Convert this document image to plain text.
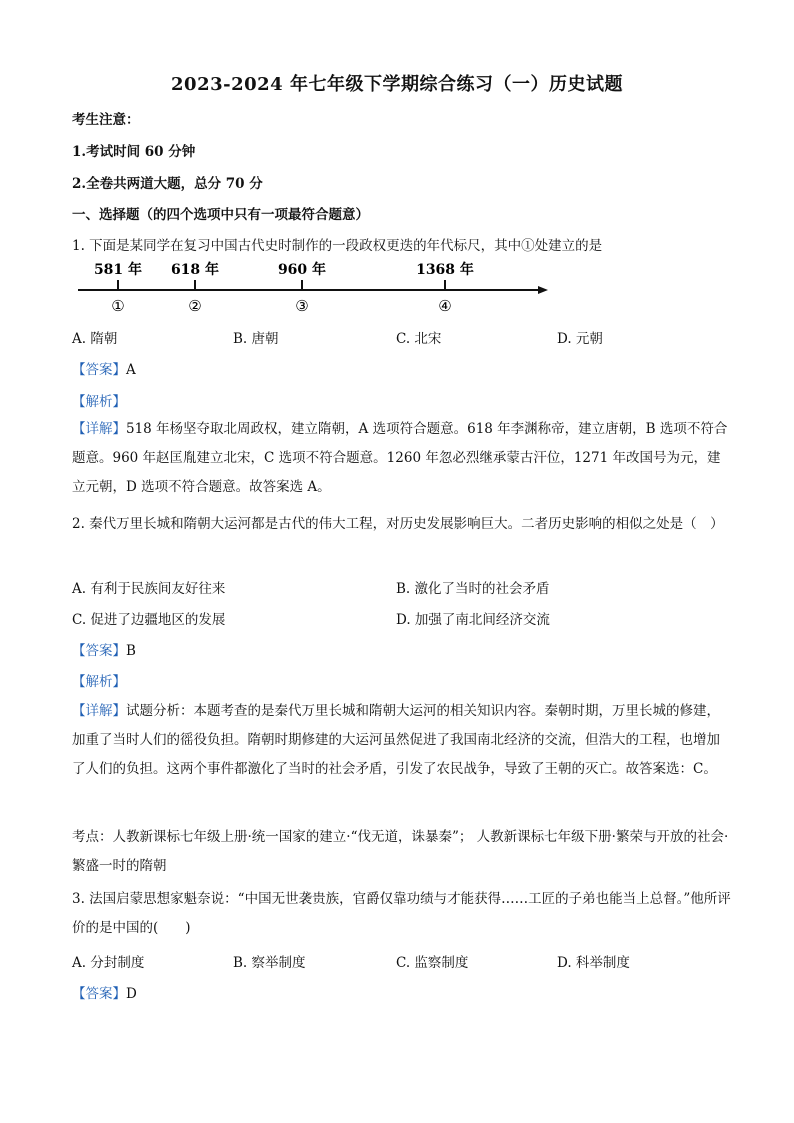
2023-2024 年七年级下学期综合练习（一）历史试题
考生注意：
1.考试时间 60 分钟
2.全卷共两道大题，总分 70 分
一、选择题（的四个选项中只有一项最符合题意）
1. 下面是某同学在复习中国古代史时制作的一段政权更迭的年代标尺，其中①处建立的是
581 年
①
618 年
②
960 年
③
1368 年
④
A. 隋朝	B. 唐朝	C. 北宋	D. 元朝
【答案】A
【解析】
【详解】518 年杨坚夺取北周政权，建立隋朝，A 选项符合题意。618 年李渊称帝，建立唐朝，B 选项不符合题意。960 年赵匡胤建立北宋，C 选项不符合题意。1260 年忽必烈继承蒙古汗位，1271 年改国号为元，建立元朝，D 选项不符合题意。故答案选 A。
2. 秦代万里长城和隋朝大运河都是古代的伟大工程，对历史发展影响巨大。二者历史影响的相似之处是（　）
A. 有利于民族间友好往来	B. 激化了当时的社会矛盾
C. 促进了边疆地区的发展	D. 加强了南北间经济交流
【答案】B
【解析】
【详解】试题分析：本题考查的是秦代万里长城和隋朝大运河的相关知识内容。秦朝时期，万里长城的修建，加重了当时人们的徭役负担。隋朝时期修建的大运河虽然促进了我国南北经济的交流，但浩大的工程，也增加了人们的负担。这两个事件都激化了当时的社会矛盾，引发了农民战争，导致了王朝的灭亡。故答案选：C。
考点：人教新课标七年级上册·统一国家的建立·“伐无道，诛暴秦”； 人教新课标七年级下册·繁荣与开放的社会·繁盛一时的隋朝
3. 法国启蒙思想家魁奈说：“中国无世袭贵族，官爵仅靠功绩与才能获得……工匠的子弟也能当上总督。”他所评价的是中国的(　　)
A. 分封制度	B. 察举制度	C. 监察制度	D. 科举制度
【答案】D
